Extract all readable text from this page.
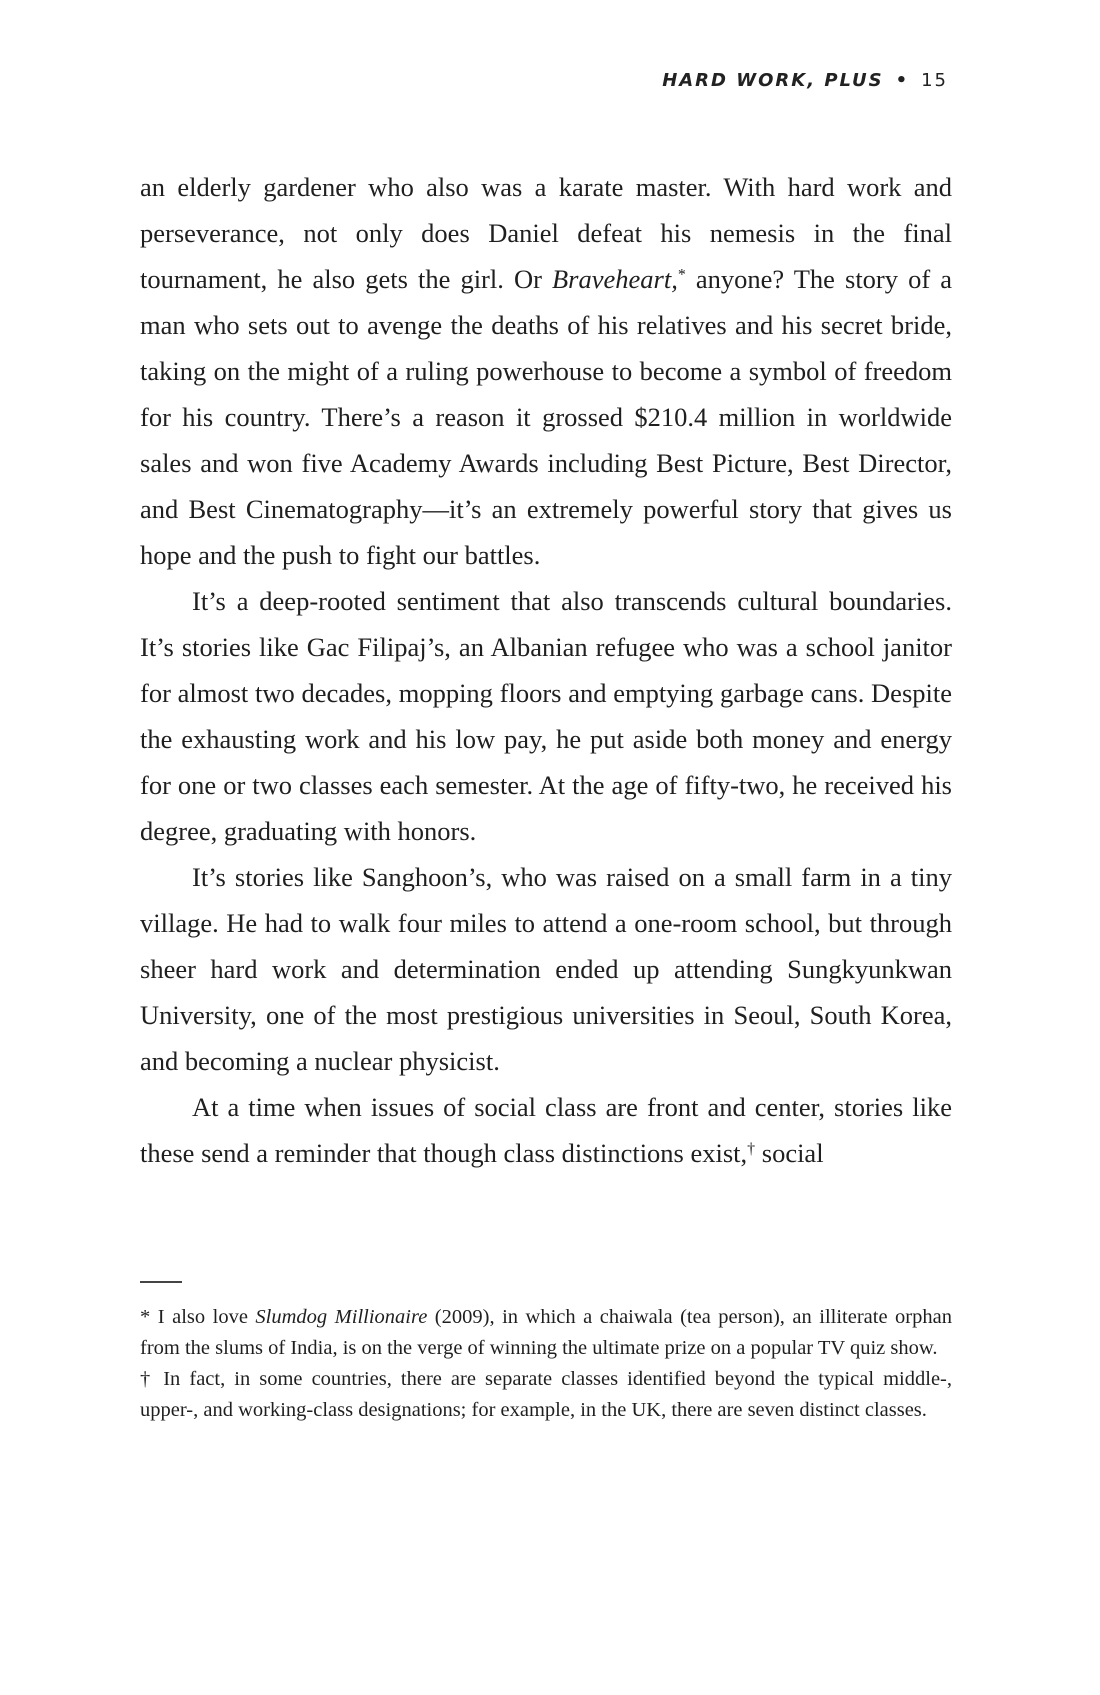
HARD WORK, PLUS • 15

an elderly gardener who also was a karate master. With hard work and perseverance, not only does Daniel defeat his nemesis in the final tournament, he also gets the girl. Or Braveheart,* anyone? The story of a man who sets out to avenge the deaths of his relatives and his secret bride, taking on the might of a ruling powerhouse to become a symbol of freedom for his country. There’s a reason it grossed $210.4 million in worldwide sales and won five Academy Awards including Best Picture, Best Director, and Best Cinematography—it’s an extremely powerful story that gives us hope and the push to fight our battles.

It’s a deep-rooted sentiment that also transcends cultural boundaries. It’s stories like Gac Filipaj’s, an Albanian refugee who was a school janitor for almost two decades, mopping floors and emptying garbage cans. Despite the exhausting work and his low pay, he put aside both money and energy for one or two classes each semester. At the age of fifty-two, he received his degree, graduating with honors.

It’s stories like Sanghoon’s, who was raised on a small farm in a tiny village. He had to walk four miles to attend a one-room school, but through sheer hard work and determination ended up attending Sungkyunkwan University, one of the most prestigious universities in Seoul, South Korea, and becoming a nuclear physicist.

At a time when issues of social class are front and center, stories like these send a reminder that though class distinctions exist,† social

* I also love Slumdog Millionaire (2009), in which a chaiwala (tea person), an illiterate orphan from the slums of India, is on the verge of winning the ultimate prize on a popular TV quiz show.

† In fact, in some countries, there are separate classes identified beyond the typical middle-, upper-, and working-class designations; for example, in the UK, there are seven distinct classes.
